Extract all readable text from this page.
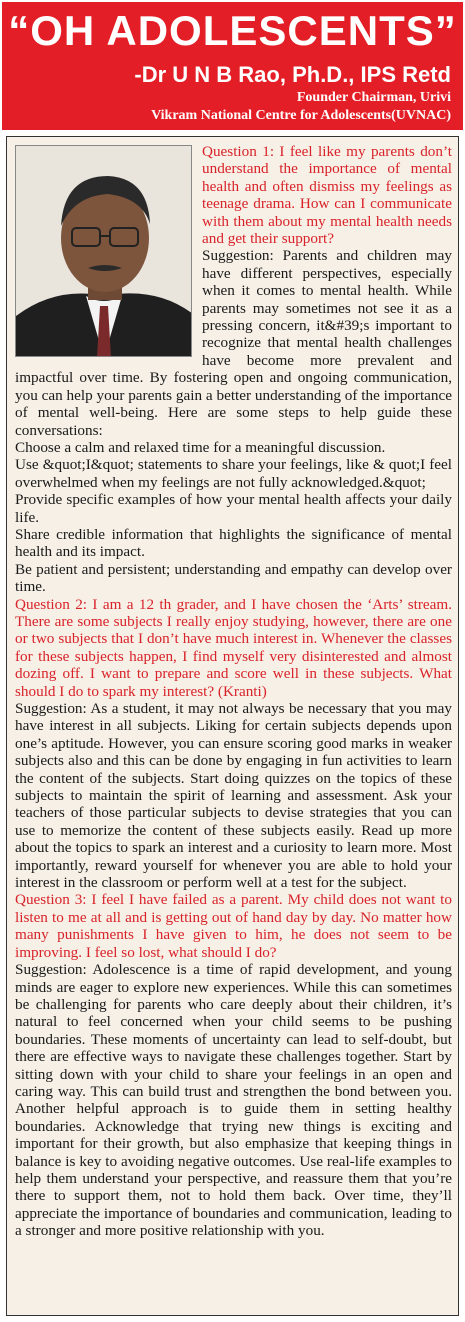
“OH ADOLESCENTS”
-Dr U N B Rao, Ph.D., IPS Retd
Founder Chairman, Urivi
Vikram National Centre for Adolescents(UVNAC)

Question 1: I feel like my parents don’t understand the importance of mental health and often dismiss my feelings as teenage drama. How can I communicate with them about my mental health needs and get their support?

Suggestion: Parents and children may have different perspectives, especially when it comes to mental health. While parents may sometimes not see it as a pressing concern, it&#39;s important to recognize that mental health challenges have become more prevalent and impactful over time. By fostering open and ongoing communication, you can help your parents gain a better understanding of the importance of mental well-being. Here are some steps to help guide these conversations:

Choose a calm and relaxed time for a meaningful discussion.

Use &quot;I&quot; statements to share your feelings, like & quot;I feel overwhelmed when my feelings are not fully acknowledged.&quot;

Provide specific examples of how your mental health affects your daily life.

Share credible information that highlights the significance of mental health and its impact.

Be patient and persistent; understanding and empathy can develop over time.

Question 2: I am a 12 th grader, and I have chosen the ‘Arts’ stream. There are some subjects I really enjoy studying, however, there are one or two subjects that I don’t have much interest in. Whenever the classes for these subjects happen, I find myself very disinterested and almost dozing off. I want to prepare and score well in these subjects. What should I do to spark my interest? (Kranti)

Suggestion: As a student, it may not always be necessary that you may have interest in all subjects. Liking for certain subjects depends upon one’s aptitude. However, you can ensure scoring good marks in weaker subjects also and this can be done by engaging in fun activities to learn the content of the subjects. Start doing quizzes on the topics of these subjects to maintain the spirit of learning and assessment. Ask your teachers of those particular subjects to devise strategies that you can use to memorize the content of these subjects easily. Read up more about the topics to spark an interest and a curiosity to learn more. Most importantly, reward yourself for whenever you are able to hold your interest in the classroom or perform well at a test for the subject.

Question 3: I feel I have failed as a parent. My child does not want to listen to me at all and is getting out of hand day by day. No matter how many punishments I have given to him, he does not seem to be improving. I feel so lost, what should I do?

Suggestion: Adolescence is a time of rapid development, and young minds are eager to explore new experiences. While this can sometimes be challenging for parents who care deeply about their children, it’s natural to feel concerned when your child seems to be pushing boundaries. These moments of uncertainty can lead to self-doubt, but there are effective ways to navigate these challenges together. Start by sitting down with your child to share your feelings in an open and caring way. This can build trust and strengthen the bond between you. Another helpful approach is to guide them in setting healthy boundaries. Acknowledge that trying new things is exciting and important for their growth, but also emphasize that keeping things in balance is key to avoiding negative outcomes. Use real-life examples to help them understand your perspective, and reassure them that you’re there to support them, not to hold them back. Over time, they’ll appreciate the importance of boundaries and communication, leading to a stronger and more positive relationship with you.
